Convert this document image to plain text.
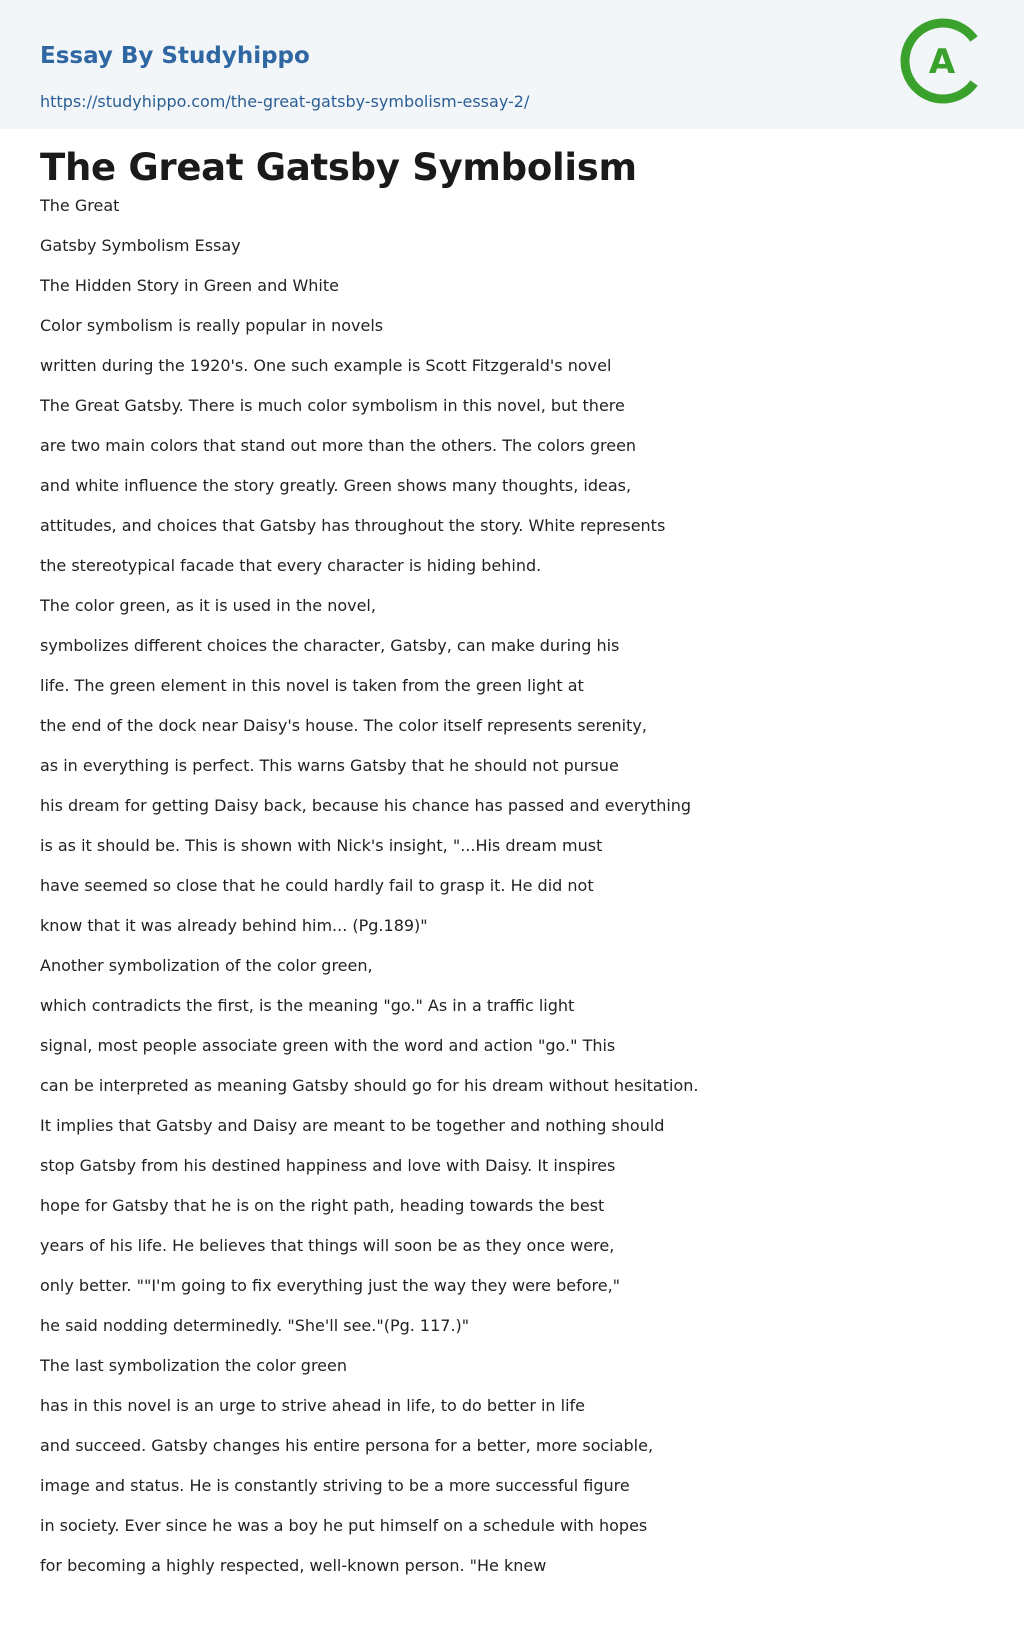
Essay By Studyhippo
https://studyhippo.com/the-great-gatsby-symbolism-essay-2/
A
The Great Gatsby Symbolism
The Great
Gatsby Symbolism Essay
The Hidden Story in Green and White
Color symbolism is really popular in novels
written during the 1920's. One such example is Scott Fitzgerald's novel
The Great Gatsby. There is much color symbolism in this novel, but there
are two main colors that stand out more than the others. The colors green
and white influence the story greatly. Green shows many thoughts, ideas,
attitudes, and choices that Gatsby has throughout the story. White represents
the stereotypical facade that every character is hiding behind.
The color green, as it is used in the novel,
symbolizes different choices the character, Gatsby, can make during his
life. The green element in this novel is taken from the green light at
the end of the dock near Daisy's house. The color itself represents serenity,
as in everything is perfect. This warns Gatsby that he should not pursue
his dream for getting Daisy back, because his chance has passed and everything
is as it should be. This is shown with Nick's insight, "...His dream must
have seemed so close that he could hardly fail to grasp it. He did not
know that it was already behind him... (Pg.189)"
Another symbolization of the color green,
which contradicts the first, is the meaning "go." As in a traffic light
signal, most people associate green with the word and action "go." This
can be interpreted as meaning Gatsby should go for his dream without hesitation.
It implies that Gatsby and Daisy are meant to be together and nothing should
stop Gatsby from his destined happiness and love with Daisy. It inspires
hope for Gatsby that he is on the right path, heading towards the best
years of his life. He believes that things will soon be as they once were,
only better. ""I'm going to fix everything just the way they were before,"
he said nodding determinedly. "She'll see."(Pg. 117.)"
The last symbolization the color green
has in this novel is an urge to strive ahead in life, to do better in life
and succeed. Gatsby changes his entire persona for a better, more sociable,
image and status. He is constantly striving to be a more successful figure
in society. Ever since he was a boy he put himself on a schedule with hopes
for becoming a highly respected, well-known person. "He knew
